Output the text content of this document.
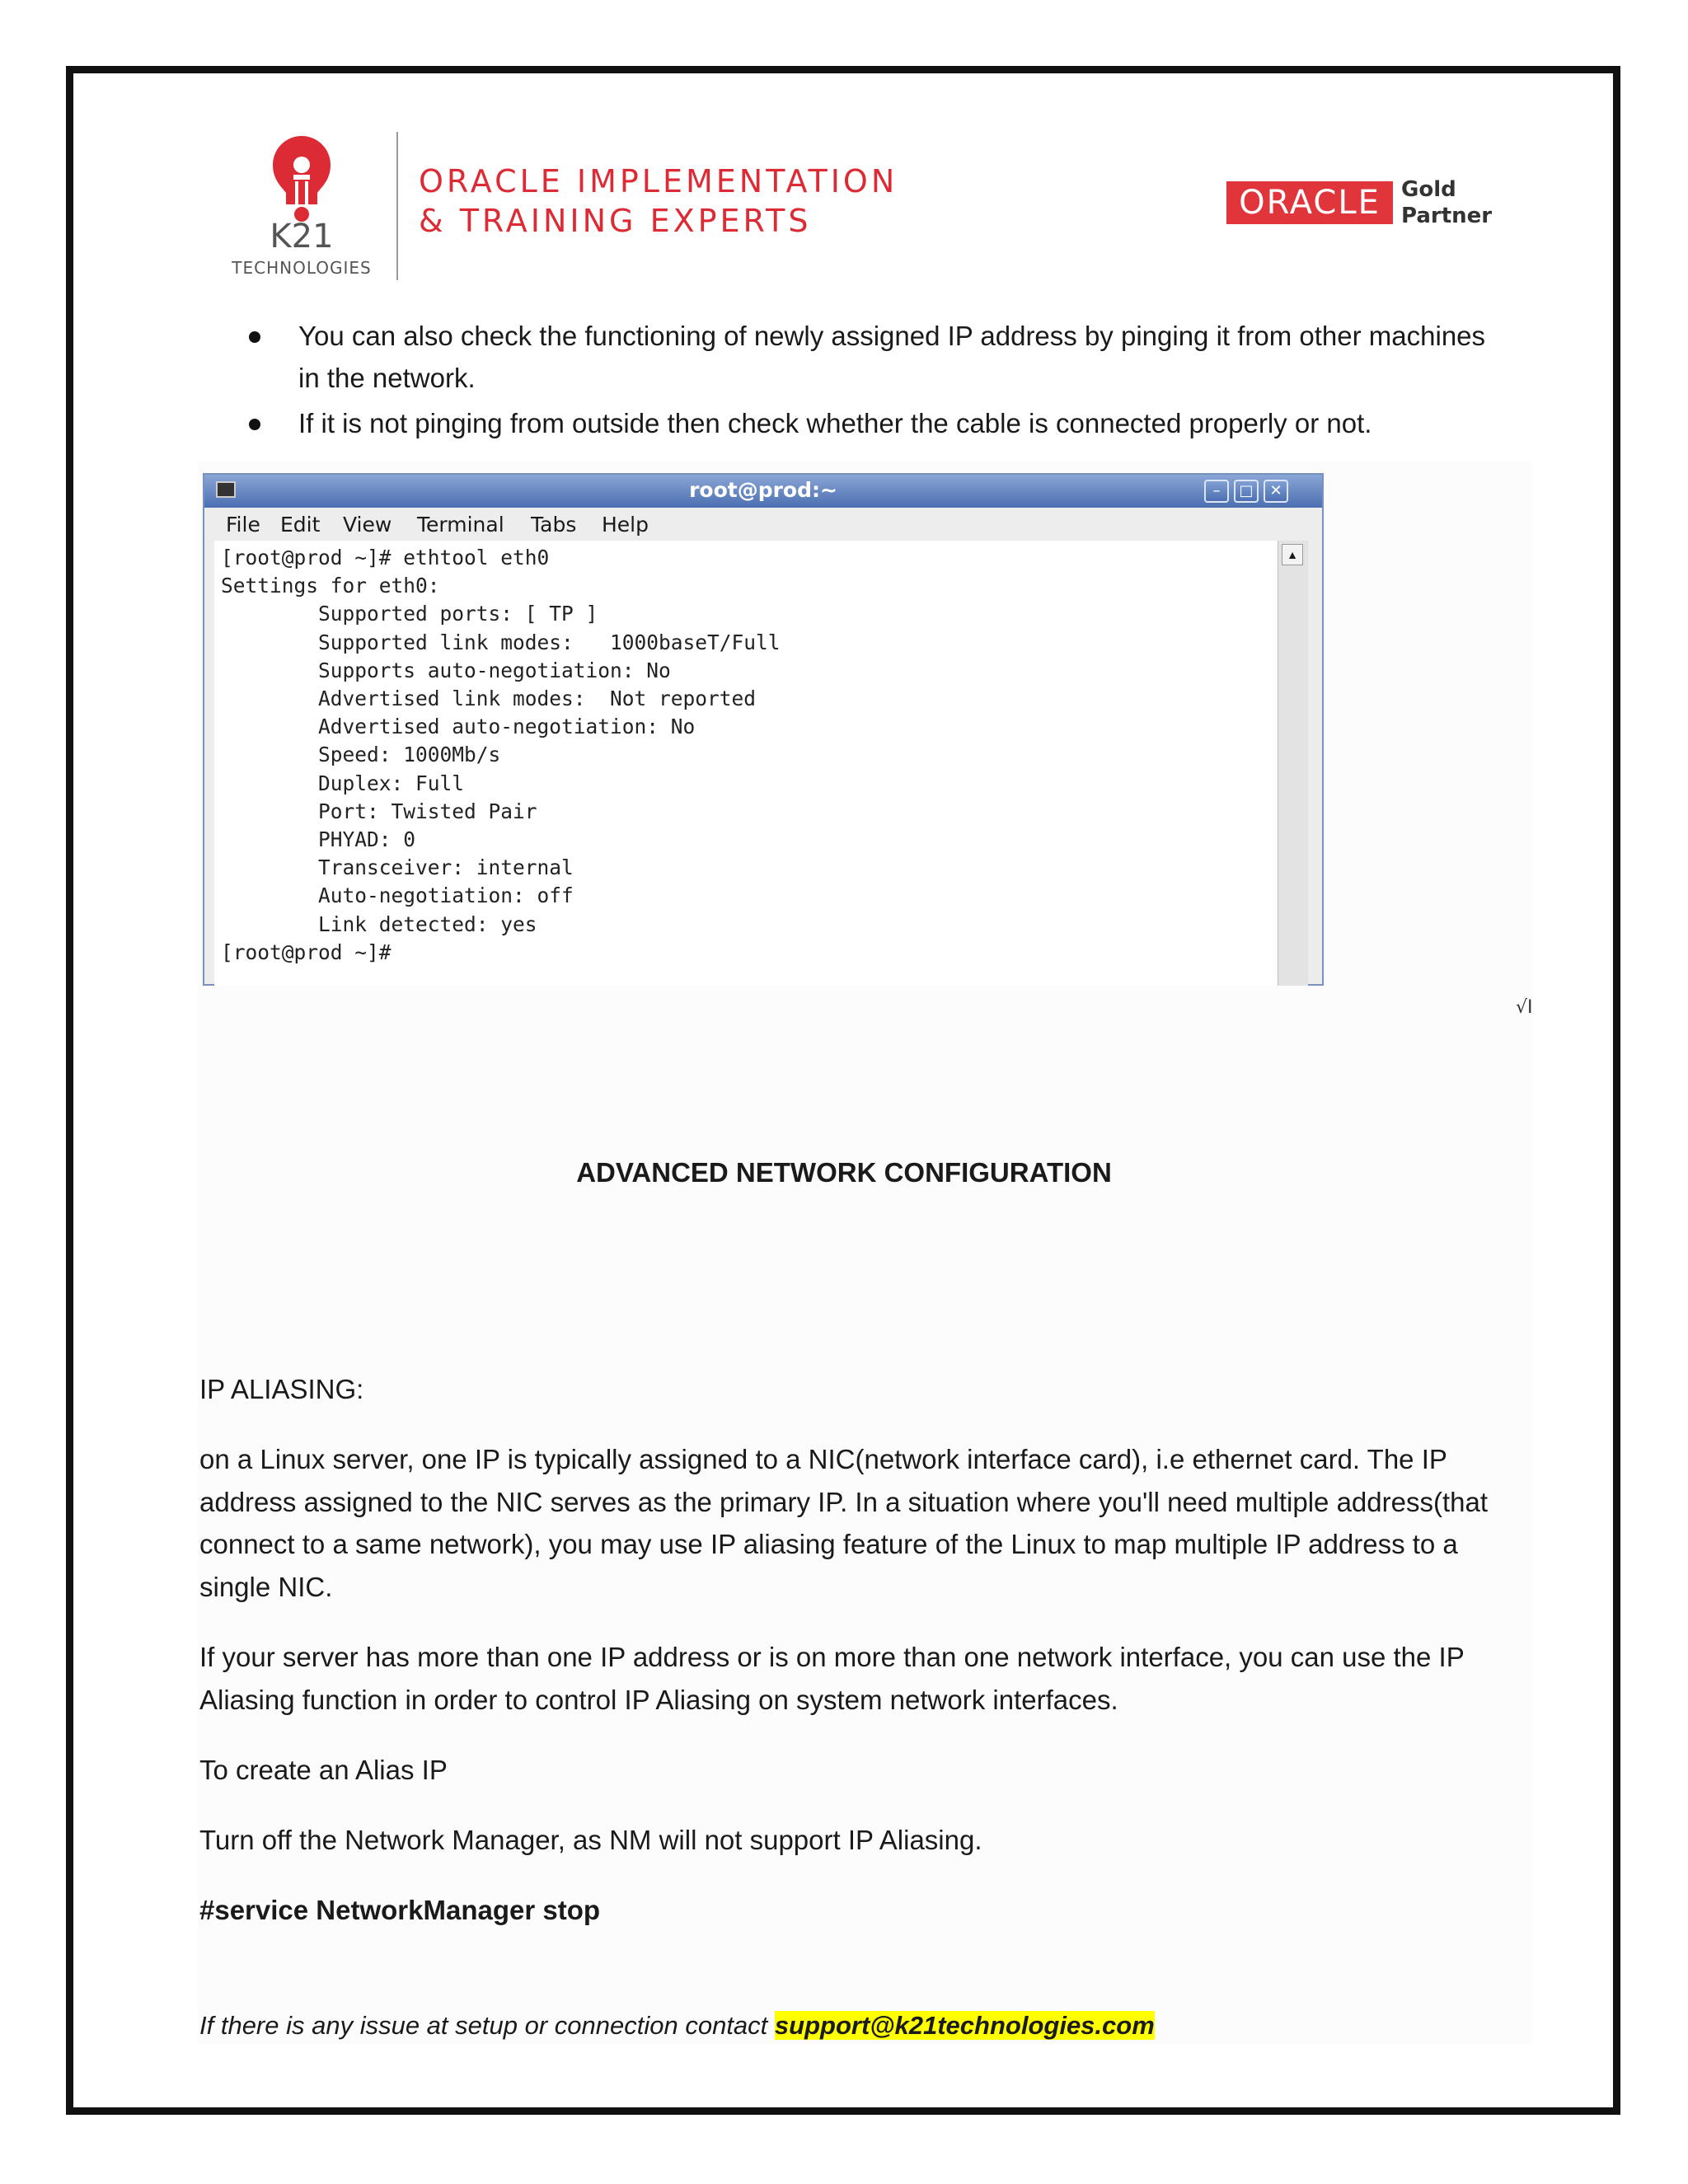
K21
TECHNOLOGIES
ORACLE IMPLEMENTATION
& TRAINING EXPERTS	ORACLE Gold
Partner
You can also check the functioning of newly assigned IP address by pinging it from other machines in the network.
If it is not pinging from outside then check whether the cable is connected properly or not.
root@prod:~	–	□	✕
File Edit View Terminal Tabs Help
[root@prod ~]# ethtool eth0
Settings for eth0:
Supported ports: [ TP ]
Supported link modes:   1000baseT/Full
Supports auto-negotiation: No
Advertised link modes:  Not reported
Advertised auto-negotiation: No
Speed: 1000Mb/s
Duplex: Full
Port: Twisted Pair
PHYAD: 0
Transceiver: internal
Auto-negotiation: off
Link detected: yes
[root@prod ~]#
▲
√I
ADVANCED NETWORK CONFIGURATION

IP ALIASING:

on a Linux server, one IP is typically assigned to a NIC(network interface card), i.e ethernet card. The IP address assigned to the NIC serves as the primary IP. In a situation where you'll need multiple address(that connect to a same network), you may use IP aliasing feature of the Linux to map multiple IP address to a single NIC.

If your server has more than one IP address or is on more than one network interface, you can use the IP Aliasing function in order to control IP Aliasing on system network interfaces.

To create an Alias IP

Turn off the Network Manager, as NM will not support IP Aliasing.

#service NetworkManager stop

If there is any issue at setup or connection contact support@k21technologies.com
